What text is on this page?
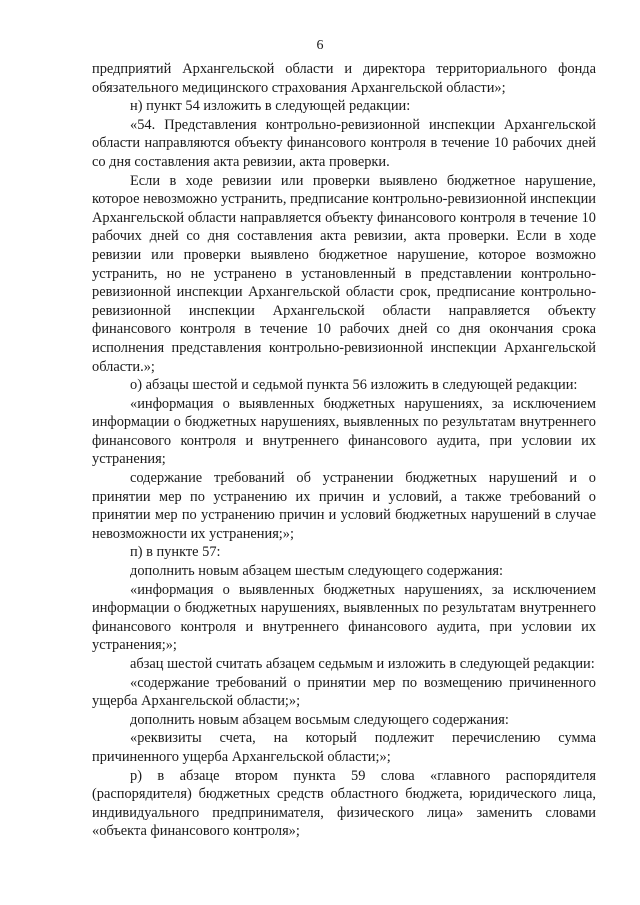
6

предприятий Архангельской области и директора территориального фонда обязательного медицинского страхования Архангельской области»;

н) пункт 54 изложить в следующей редакции:

«54. Представления контрольно-ревизионной инспекции Архангельской области направляются объекту финансового контроля в течение 10 рабочих дней со дня составления акта ревизии, акта проверки.

Если в ходе ревизии или проверки выявлено бюджетное нарушение, которое невозможно устранить, предписание контрольно-ревизионной инспекции Архангельской области направляется объекту финансового контроля в течение 10 рабочих дней со дня составления акта ревизии, акта проверки. Если в ходе ревизии или проверки выявлено бюджетное нарушение, которое возможно устранить, но не устранено в установленный в представлении контрольно-ревизионной инспекции Архангельской области срок, предписание контрольно-ревизионной инспекции Архангельской области направляется объекту финансового контроля в течение 10 рабочих дней со дня окончания срока исполнения представления контрольно-ревизионной инспекции Архангельской области.»;

о) абзацы шестой и седьмой пункта 56 изложить в следующей редакции:

«информация о выявленных бюджетных нарушениях, за исключением информации о бюджетных нарушениях, выявленных по результатам внутреннего финансового контроля и внутреннего финансового аудита, при условии их устранения;

содержание требований об устранении бюджетных нарушений и о принятии мер по устранению их причин и условий, а также требований о принятии мер по устранению причин и условий бюджетных нарушений в случае невозможности их устранения;»;

п) в пункте 57:

дополнить новым абзацем шестым следующего содержания:

«информация о выявленных бюджетных нарушениях, за исключением информации о бюджетных нарушениях, выявленных по результатам внутреннего финансового контроля и внутреннего финансового аудита, при условии их устранения;»;

абзац шестой считать абзацем седьмым и изложить в следующей редакции:

«содержание требований о принятии мер по возмещению причиненного ущерба Архангельской области;»;

дополнить новым абзацем восьмым следующего содержания:

«реквизиты счета, на который подлежит перечислению сумма причиненного ущерба Архангельской области;»;

р) в абзаце втором пункта 59 слова «главного распорядителя (распорядителя) бюджетных средств областного бюджета, юридического лица, индивидуального предпринимателя, физического лица» заменить словами «объекта финансового контроля»;
